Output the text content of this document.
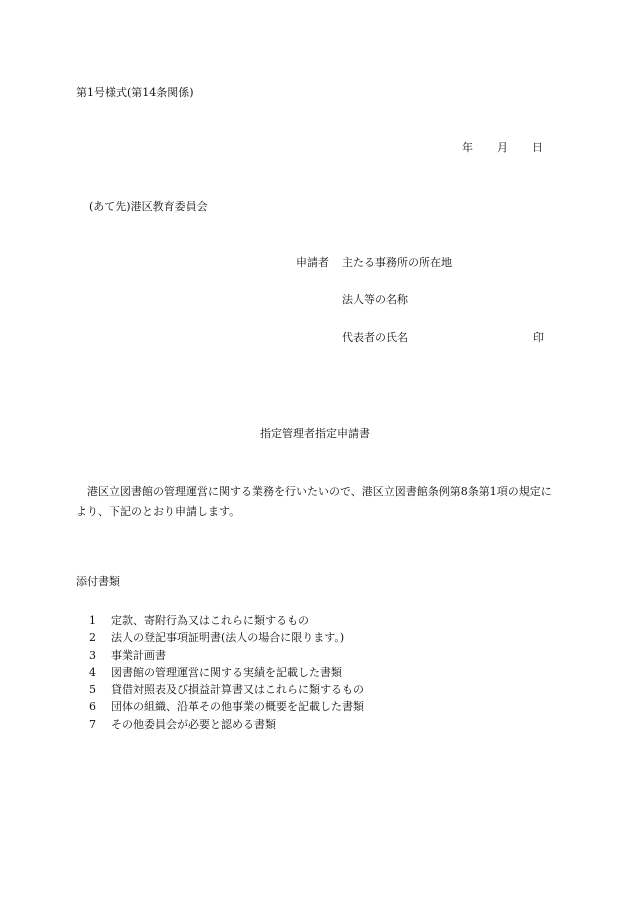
第1号様式(第14条関係)
年 月 日
(あて先)港区教育委員会
申請者 主たる事務所の所在地
法人等の名称
代表者の氏名	印
指定管理者指定申請書
港区立図書館の管理運営に関する業務を行いたいので、港区立図書館条例第8条第1項の規定により、下記のとおり申請します。
添付書類
1 定款、寄附行為又はこれらに類するもの
2 法人の登記事項証明書(法人の場合に限ります。)
3 事業計画書
4 図書館の管理運営に関する実績を記載した書類
5 貸借対照表及び損益計算書又はこれらに類するもの
6 団体の組織、沿革その他事業の概要を記載した書類
7 その他委員会が必要と認める書類
